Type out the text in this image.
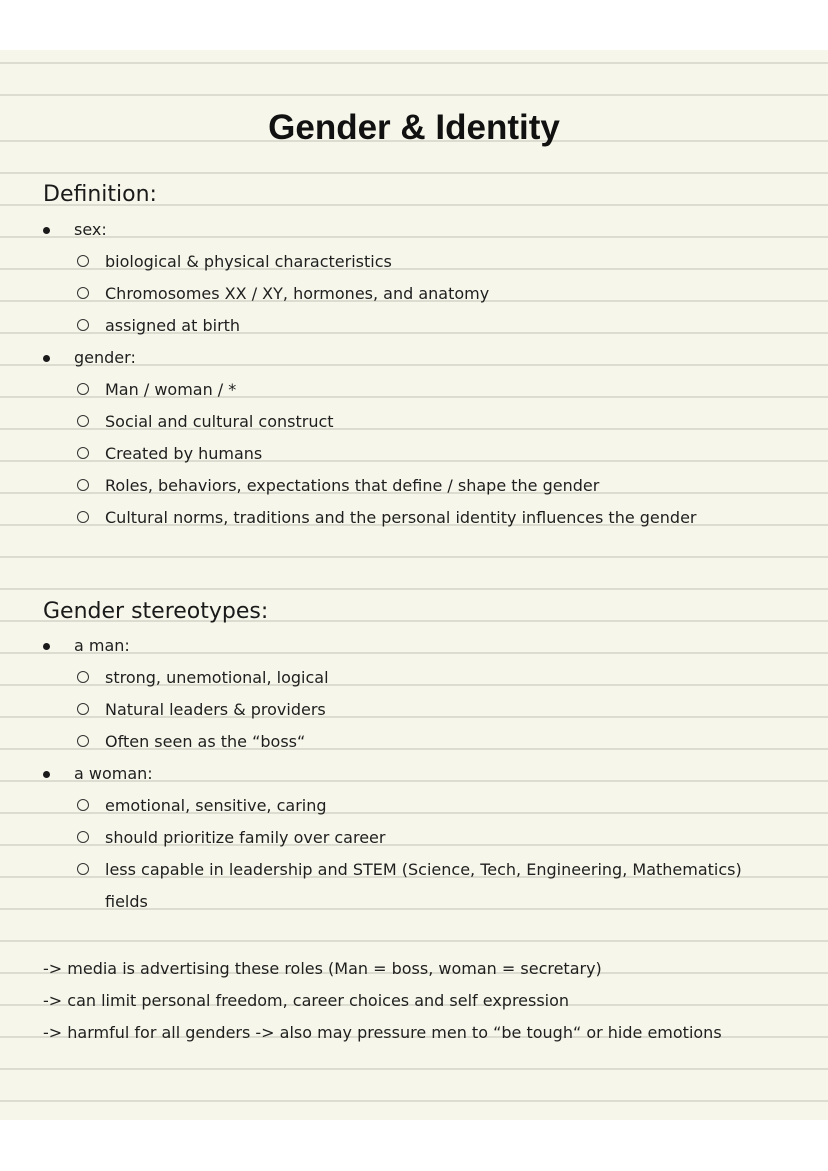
Gender & Identity
Definition:
sex:
biological & physical characteristics
Chromosomes XX / XY, hormones, and anatomy
assigned at birth
gender:
Man / woman / *
Social and cultural construct
Created by humans
Roles, behaviors, expectations that define / shape the gender
Cultural norms, traditions and the personal identity influences the gender
Gender stereotypes:
a man:
strong, unemotional, logical
Natural leaders & providers
Often seen as the “boss“
a woman:
emotional, sensitive, caring
should prioritize family over career
less capable in leadership and STEM (Science, Tech, Engineering, Mathematics)
fields
-> media is advertising these roles (Man = boss, woman = secretary)
-> can limit personal freedom, career choices and self expression
-> harmful for all genders -> also may pressure men to “be tough“ or hide emotions
